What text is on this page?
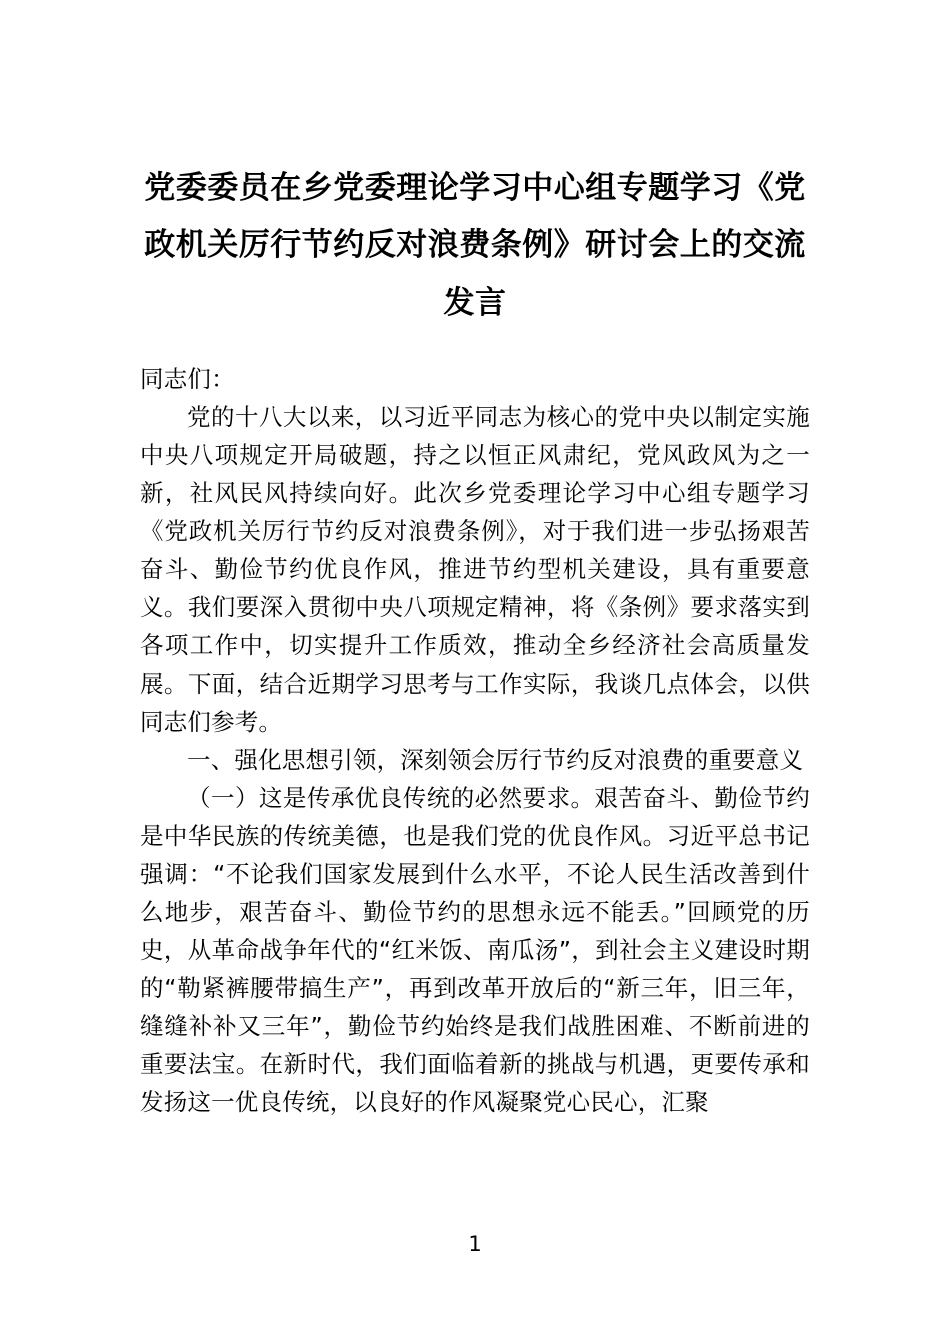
党委委员在乡党委理论学习中心组专题学习《党政机关厉行节约反对浪费条例》研讨会上的交流发言

同志们：

党的十八大以来，以习近平同志为核心的党中央以制定实施中央八项规定开局破题，持之以恒正风肃纪，党风政风为之一新，社风民风持续向好。此次乡党委理论学习中心组专题学习《党政机关厉行节约反对浪费条例》，对于我们进一步弘扬艰苦奋斗、勤俭节约优良作风，推进节约型机关建设，具有重要意义。我们要深入贯彻中央八项规定精神，将《条例》要求落实到各项工作中，切实提升工作质效，推动全乡经济社会高质量发展。下面，结合近期学习思考与工作实际，我谈几点体会，以供同志们参考。

一、强化思想引领，深刻领会厉行节约反对浪费的重要意义

（一）这是传承优良传统的必然要求。艰苦奋斗、勤俭节约是中华民族的传统美德，也是我们党的优良作风。习近平总书记强调：“不论我们国家发展到什么水平，不论人民生活改善到什么地步，艰苦奋斗、勤俭节约的思想永远不能丢。”回顾党的历史，从革命战争年代的“红米饭、南瓜汤”，到社会主义建设时期的“勒紧裤腰带搞生产”，再到改革开放后的“新三年，旧三年，缝缝补补又三年”，勤俭节约始终是我们战胜困难、不断前进的重要法宝。在新时代，我们面临着新的挑战与机遇，更要传承和发扬这一优良传统，以良好的作风凝聚党心民心，汇聚

1
